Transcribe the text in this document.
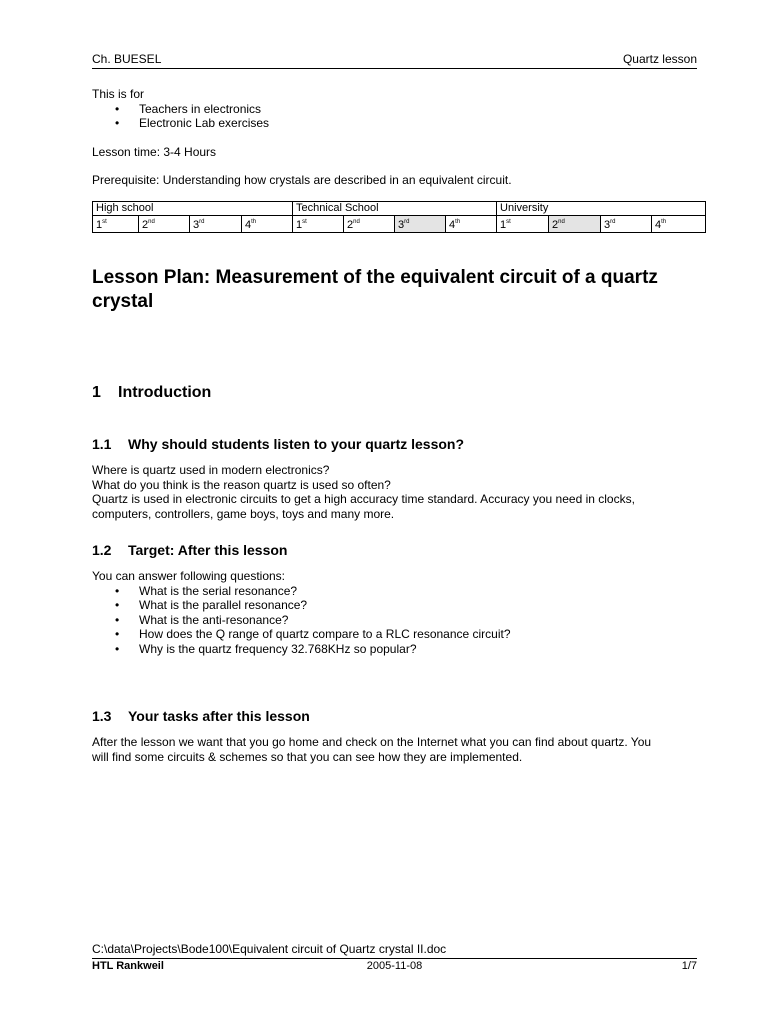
Ch. BUESEL	Quartz lesson
This is for
• Teachers in electronics
• Electronic Lab exercises
Lesson time: 3-4 Hours
Prerequisite: Understanding how crystals are described in an equivalent circuit.
High school				Technical School				University			
1st	2nd	3rd	4th	1st	2nd	3rd	4th	1st	2nd	3rd	4th
Lesson Plan: Measurement of the equivalent circuit of a quartz crystal
1 Introduction
1.1 Why should students listen to your quartz lesson?
Where is quartz used in modern electronics?
What do you think is the reason quartz is used so often?
Quartz is used in electronic circuits to get a high accuracy time standard. Accuracy you need in clocks,
computers, controllers, game boys, toys and many more.
1.2 Target: After this lesson
You can answer following questions:
• What is the serial resonance?
• What is the parallel resonance?
• What is the anti-resonance?
• How does the Q range of quartz compare to a RLC resonance circuit?
• Why is the quartz frequency 32.768KHz so popular?
1.3 Your tasks after this lesson
After the lesson we want that you go home and check on the Internet what you can find about quartz. You
will find some circuits & schemes so that you can see how they are implemented.
C:\data\Projects\Bode100\Equivalent circuit of Quartz crystal II.doc
HTL Rankweil	2005-11-08	1/7
